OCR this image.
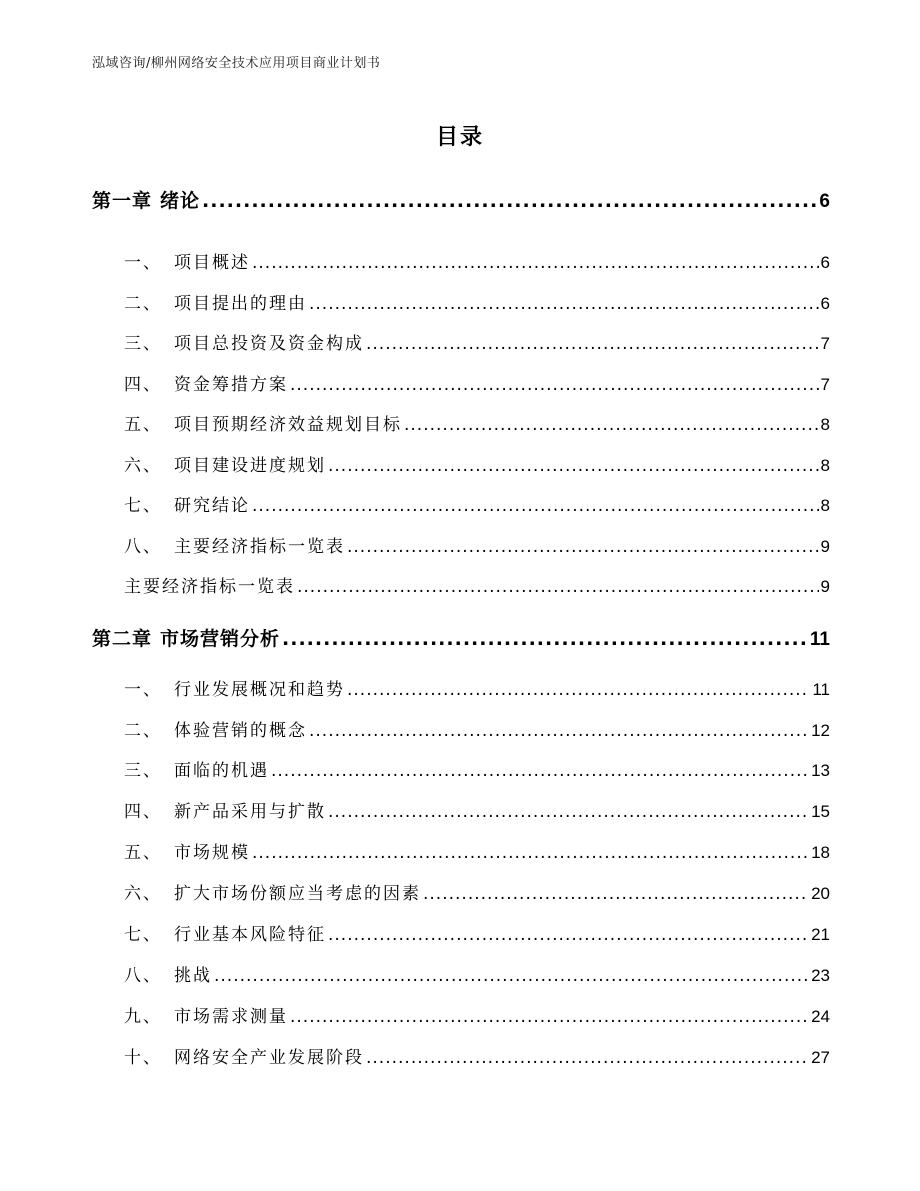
泓域咨询/柳州网络安全技术应用项目商业计划书
目录
第一章 绪论 .....	6
一、 项目概述 .....	6
二、 项目提出的理由 .....	6
三、 项目总投资及资金构成 .....	7
四、 资金筹措方案 .....	7
五、 项目预期经济效益规划目标 .....	8
六、 项目建设进度规划 .....	8
七、 研究结论 .....	8
八、 主要经济指标一览表 .....	9
主要经济指标一览表 .....	9
第二章 市场营销分析 .....	11
一、 行业发展概况和趋势 .....	11
二、 体验营销的概念 .....	12
三、 面临的机遇 .....	13
四、 新产品采用与扩散 .....	15
五、 市场规模 .....	18
六、 扩大市场份额应当考虑的因素 .....	20
七、 行业基本风险特征 .....	21
八、 挑战 .....	23
九、 市场需求测量 .....	24
十、 网络安全产业发展阶段 .....	27
